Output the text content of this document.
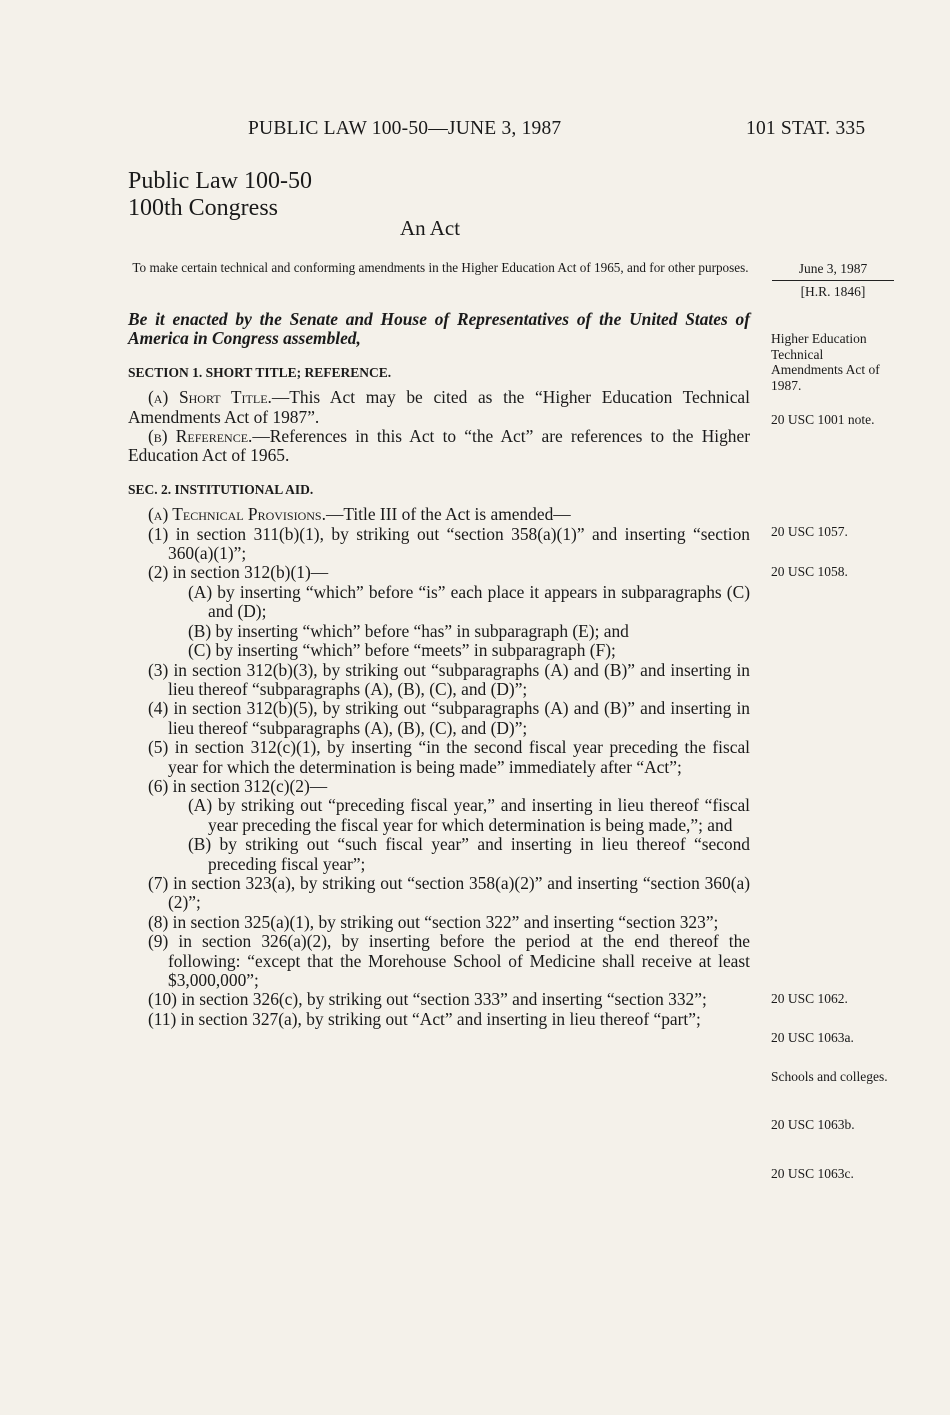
PUBLIC LAW 100-50—JUNE 3, 1987	101 STAT. 335
Public Law 100-50
100th Congress
An Act
To make certain technical and conforming amendments in the Higher Education Act of 1965, and for other purposes.	June 3, 1987
[H.R. 1846]
Higher Education Technical Amendments Act of 1987.
20 USC 1001 note.
20 USC 1057.
20 USC 1058.
20 USC 1062.
20 USC 1063a.
Schools and colleges.
20 USC 1063b.
20 USC 1063c.

Be it enacted by the Senate and House of Representatives of the United States of America in Congress assembled,

SECTION 1. SHORT TITLE; REFERENCE.

(a) Short Title.—This Act may be cited as the “Higher Education Technical Amendments Act of 1987”.

(b) Reference.—References in this Act to “the Act” are references to the Higher Education Act of 1965.

SEC. 2. INSTITUTIONAL AID.

(a) Technical Provisions.—Title III of the Act is amended—

(1) in section 311(b)(1), by striking out “section 358(a)(1)” and inserting “section 360(a)(1)”;

(2) in section 312(b)(1)—

(A) by inserting “which” before “is” each place it appears in subparagraphs (C) and (D);

(B) by inserting “which” before “has” in subparagraph (E); and

(C) by inserting “which” before “meets” in subparagraph (F);

(3) in section 312(b)(3), by striking out “subparagraphs (A) and (B)” and inserting in lieu thereof “subparagraphs (A), (B), (C), and (D)”;

(4) in section 312(b)(5), by striking out “subparagraphs (A) and (B)” and inserting in lieu thereof “subparagraphs (A), (B), (C), and (D)”;

(5) in section 312(c)(1), by inserting “in the second fiscal year preceding the fiscal year for which the determination is being made” immediately after “Act”;

(6) in section 312(c)(2)—

(A) by striking out “preceding fiscal year,” and inserting in lieu thereof “fiscal year preceding the fiscal year for which determination is being made,”; and

(B) by striking out “such fiscal year” and inserting in lieu thereof “second preceding fiscal year”;

(7) in section 323(a), by striking out “section 358(a)(2)” and inserting “section 360(a)(2)”;

(8) in section 325(a)(1), by striking out “section 322” and inserting “section 323”;

(9) in section 326(a)(2), by inserting before the period at the end thereof the following: “except that the Morehouse School of Medicine shall receive at least $3,000,000”;

(10) in section 326(c), by striking out “section 333” and inserting “section 332”;

(11) in section 327(a), by striking out “Act” and inserting in lieu thereof “part”;
